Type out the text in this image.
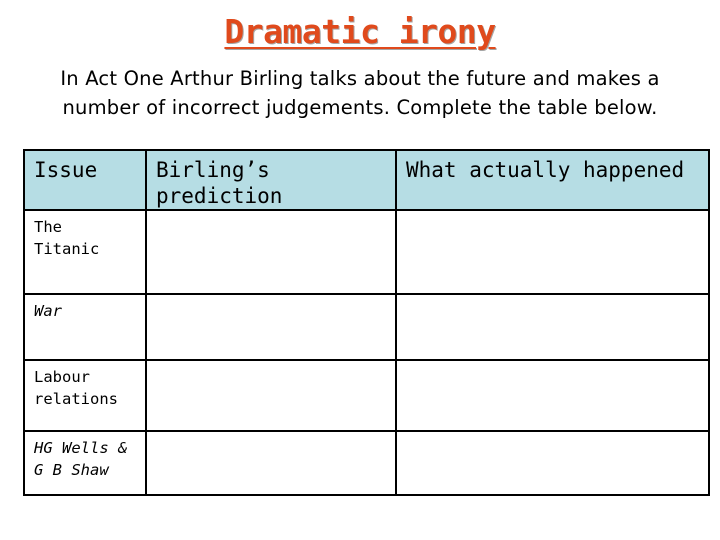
Dramatic irony
In Act One Arthur Birling talks about the future and makes a number of incorrect judgements. Complete the table below.
Issue	Birling’s prediction	What actually happened
The Titanic		
War		
Labour relations		
HG Wells & G B Shaw		
